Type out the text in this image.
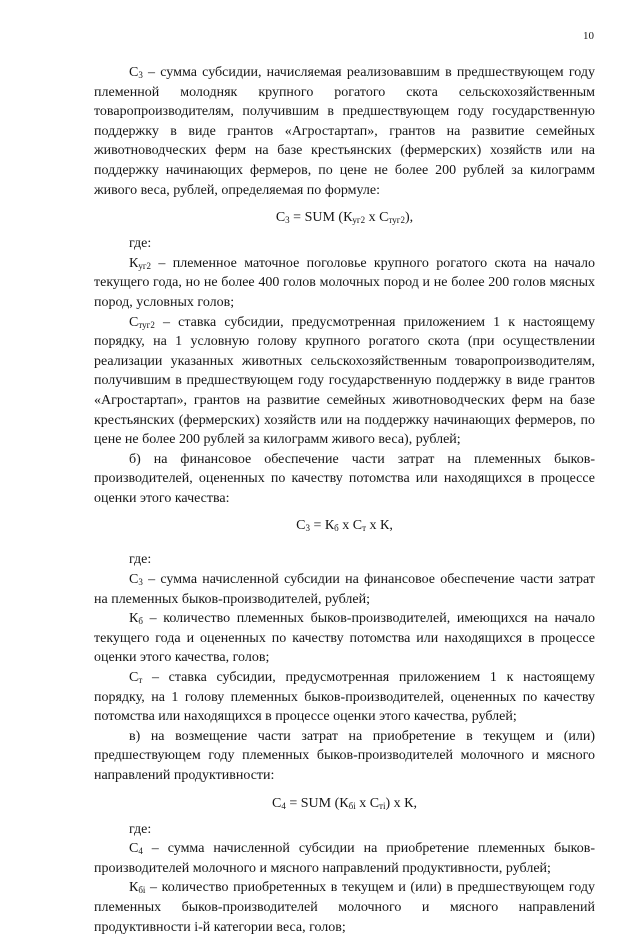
10

$С_3$ – сумма субсидии, начисляемая реализовавшим в предшествующем году племенной молодняк крупного рогатого скота сельскохозяйственным товаропроизводителям, получившим в предшествующем году государственную поддержку в виде грантов «Агростартап», грантов на развитие семейных животноводческих ферм на базе крестьянских (фермерских) хозяйств или на поддержку начинающих фермеров, по цене не более 200 рублей за килограмм живого веса, рублей, определяемая по формуле:

$С_3$ = SUM ($К_{уг2}$ х $С_{туг2}$),

где:

$К_{уг2}$ – племенное маточное поголовье крупного рогатого скота на начало текущего года, но не более 400 голов молочных пород и не более 200 голов мясных пород, условных голов;

$С_{туг2}$ – ставка субсидии, предусмотренная приложением 1 к настоящему порядку, на 1 условную голову крупного рогатого скота (при осуществлении реализации указанных животных сельскохозяйственным товаропроизводителям, получившим в предшествующем году государственную поддержку в виде грантов «Агростартап», грантов на развитие семейных животноводческих ферм на базе крестьянских (фермерских) хозяйств или на поддержку начинающих фермеров, по цене не более 200 рублей за килограмм живого веса), рублей;

б) на финансовое обеспечение части затрат на племенных быков-производителей, оцененных по качеству потомства или находящихся в процессе оценки этого качества:

$С_3 = К_б$ х $С_т$ х К,

где:

$С_3$ – сумма начисленной субсидии на финансовое обеспечение части затрат на племенных быков-производителей, рублей;

$К_б$ – количество племенных быков-производителей, имеющихся на начало текущего года и оцененных по качеству потомства или находящихся в процессе оценки этого качества, голов;

$С_т$ – ставка субсидии, предусмотренная приложением 1 к настоящему порядку, на 1 голову племенных быков-производителей, оцененных по качеству потомства или находящихся в процессе оценки этого качества, рублей;

в) на возмещение части затрат на приобретение в текущем и (или) предшествующем году племенных быков-производителей молочного и мясного направлений продуктивности:

$С_4$ = SUM ($К_{бi}$ х $С_{тi}$) х К,

где:

$С_4$ – сумма начисленной субсидии на приобретение племенных быков-производителей молочного и мясного направлений продуктивности, рублей;

$К_{бi}$ – количество приобретенных в текущем и (или) в предшествующем году племенных быков-производителей молочного и мясного направлений продуктивности i-й категории веса, голов;
